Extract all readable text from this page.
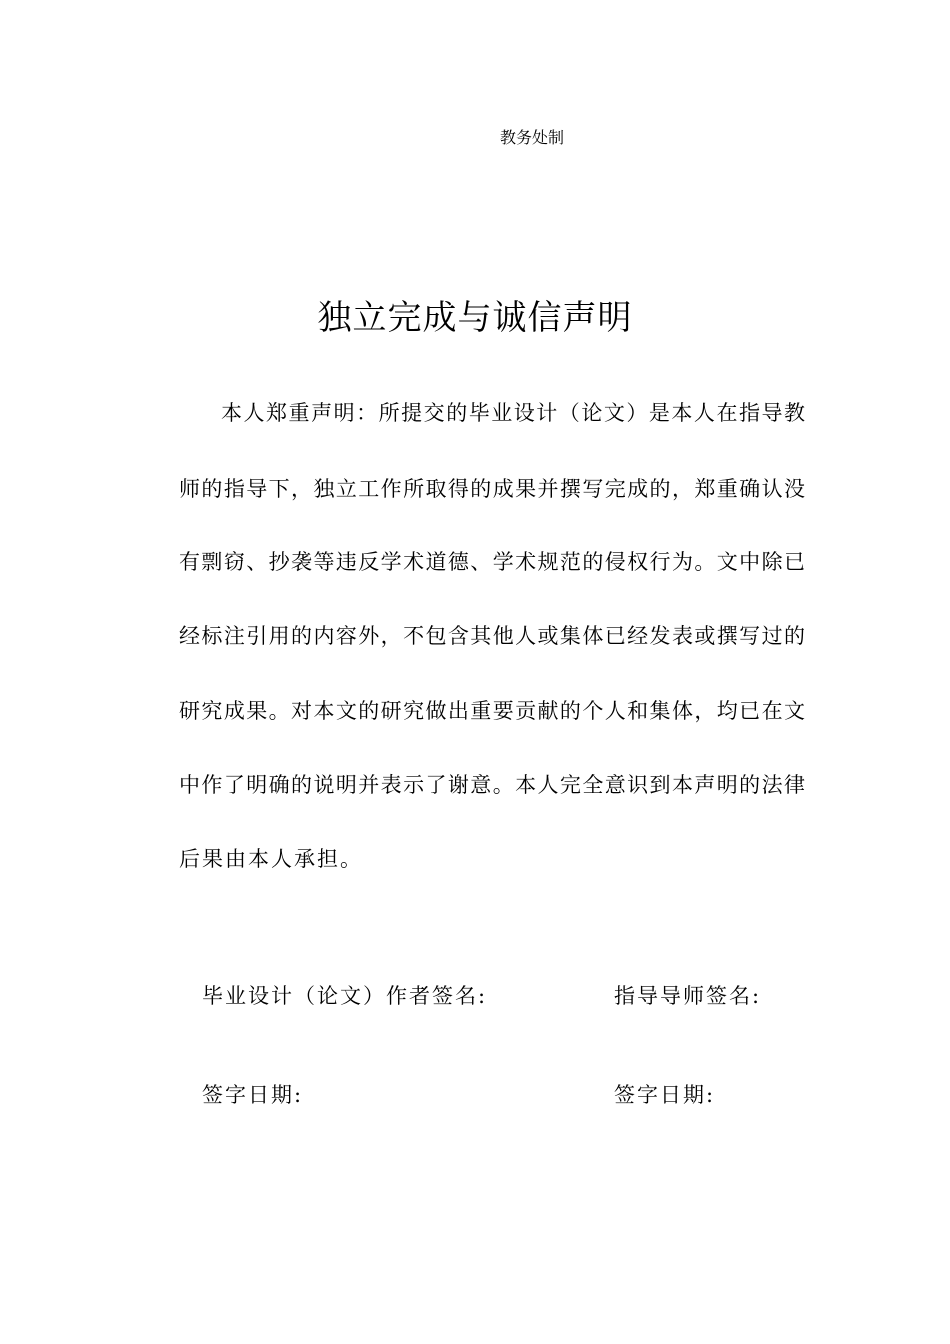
教务处制
独立完成与诚信声明
本人郑重声明：所提交的毕业设计（论文）是本人在指导教
师的指导下，独立工作所取得的成果并撰写完成的，郑重确认没
有剽窃、抄袭等违反学术道德、学术规范的侵权行为。文中除已
经标注引用的内容外，不包含其他人或集体已经发表或撰写过的
研究成果。对本文的研究做出重要贡献的个人和集体，均已在文
中作了明确的说明并表示了谢意。本人完全意识到本声明的法律
后果由本人承担。
毕业设计（论文）作者签名:	指导导师签名:
签字日期:	签字日期:
